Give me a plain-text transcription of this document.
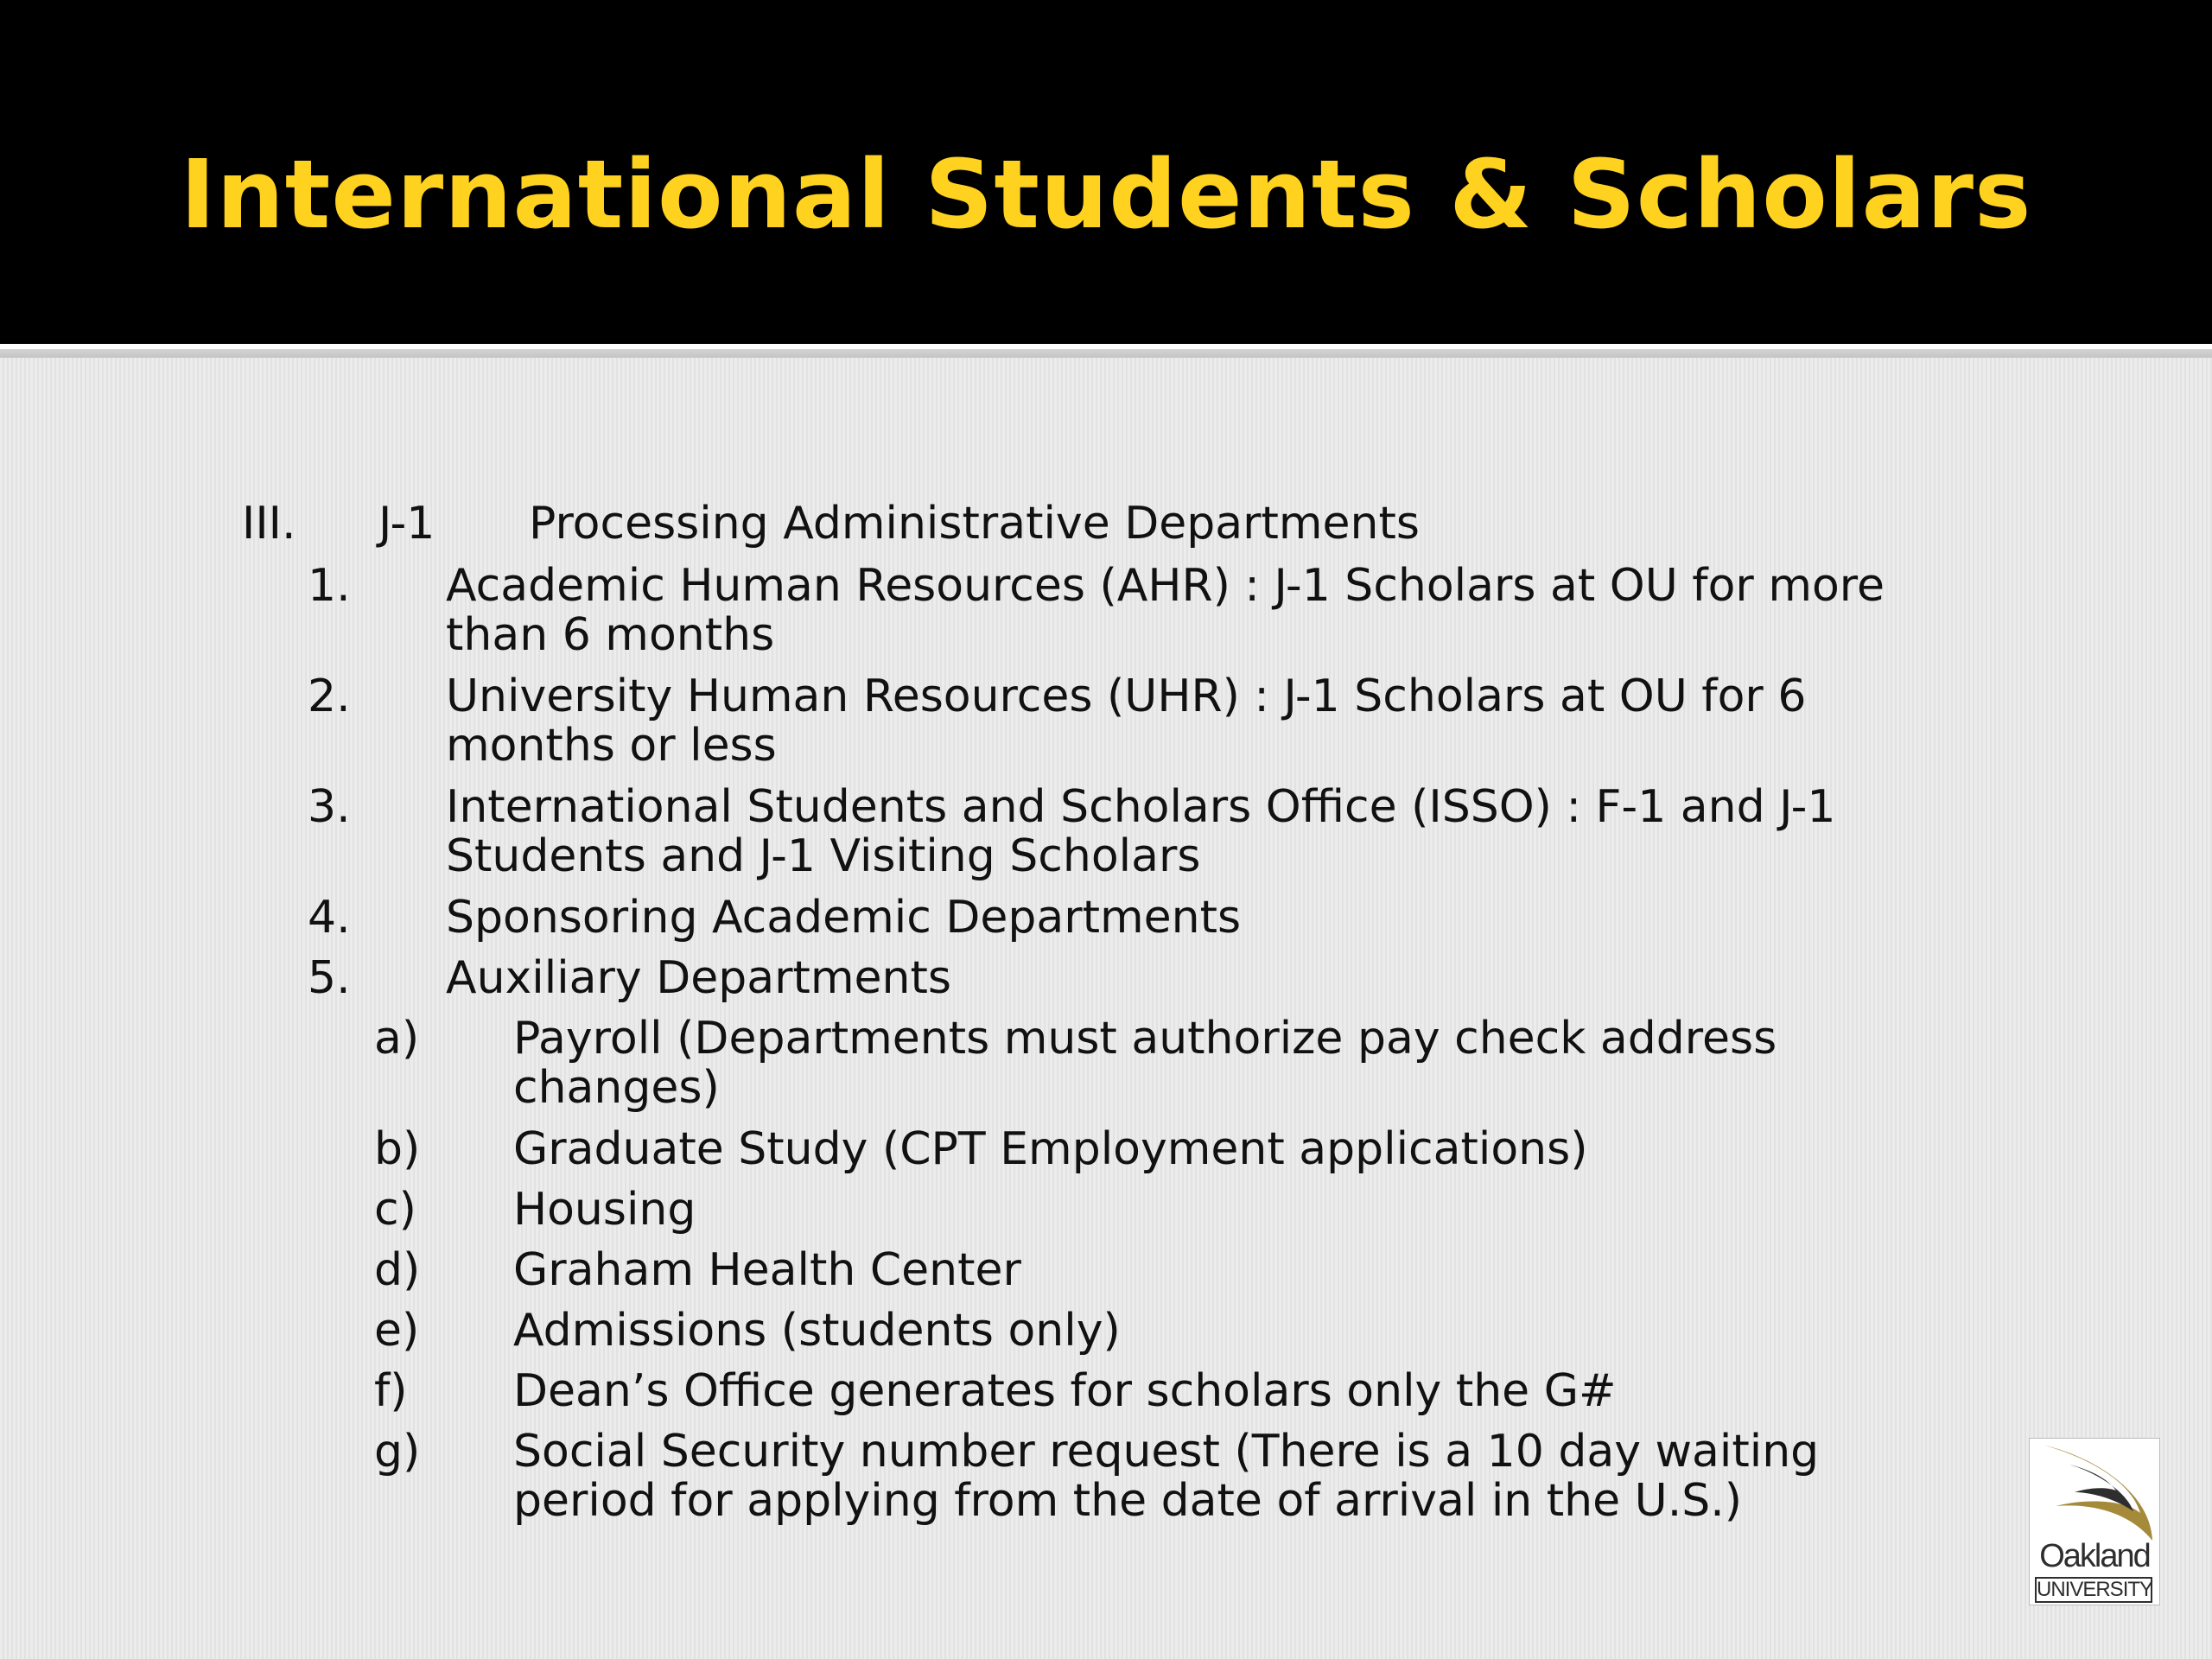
International Students & Scholars
III. J-1 Processing Administrative Departments
1. Academic Human Resources (AHR) : J-1 Scholars at OU for more
than 6 months
2. University Human Resources (UHR) : J-1 Scholars at OU for 6
months or less
3. International Students and Scholars Office (ISSO) : F-1 and J-1
Students and J-1 Visiting Scholars
4. Sponsoring Academic Departments
5. Auxiliary Departments
a) Payroll (Departments must authorize pay check address
changes)
b) Graduate Study (CPT Employment applications)
c) Housing
d) Graham Health Center
e) Admissions (students only)
f) Dean’s Office generates for scholars only the G#
g) Social Security number request (There is a 10 day waiting
period for applying from the date of arrival in the U.S.)
Oakland
UNIVERSITY
